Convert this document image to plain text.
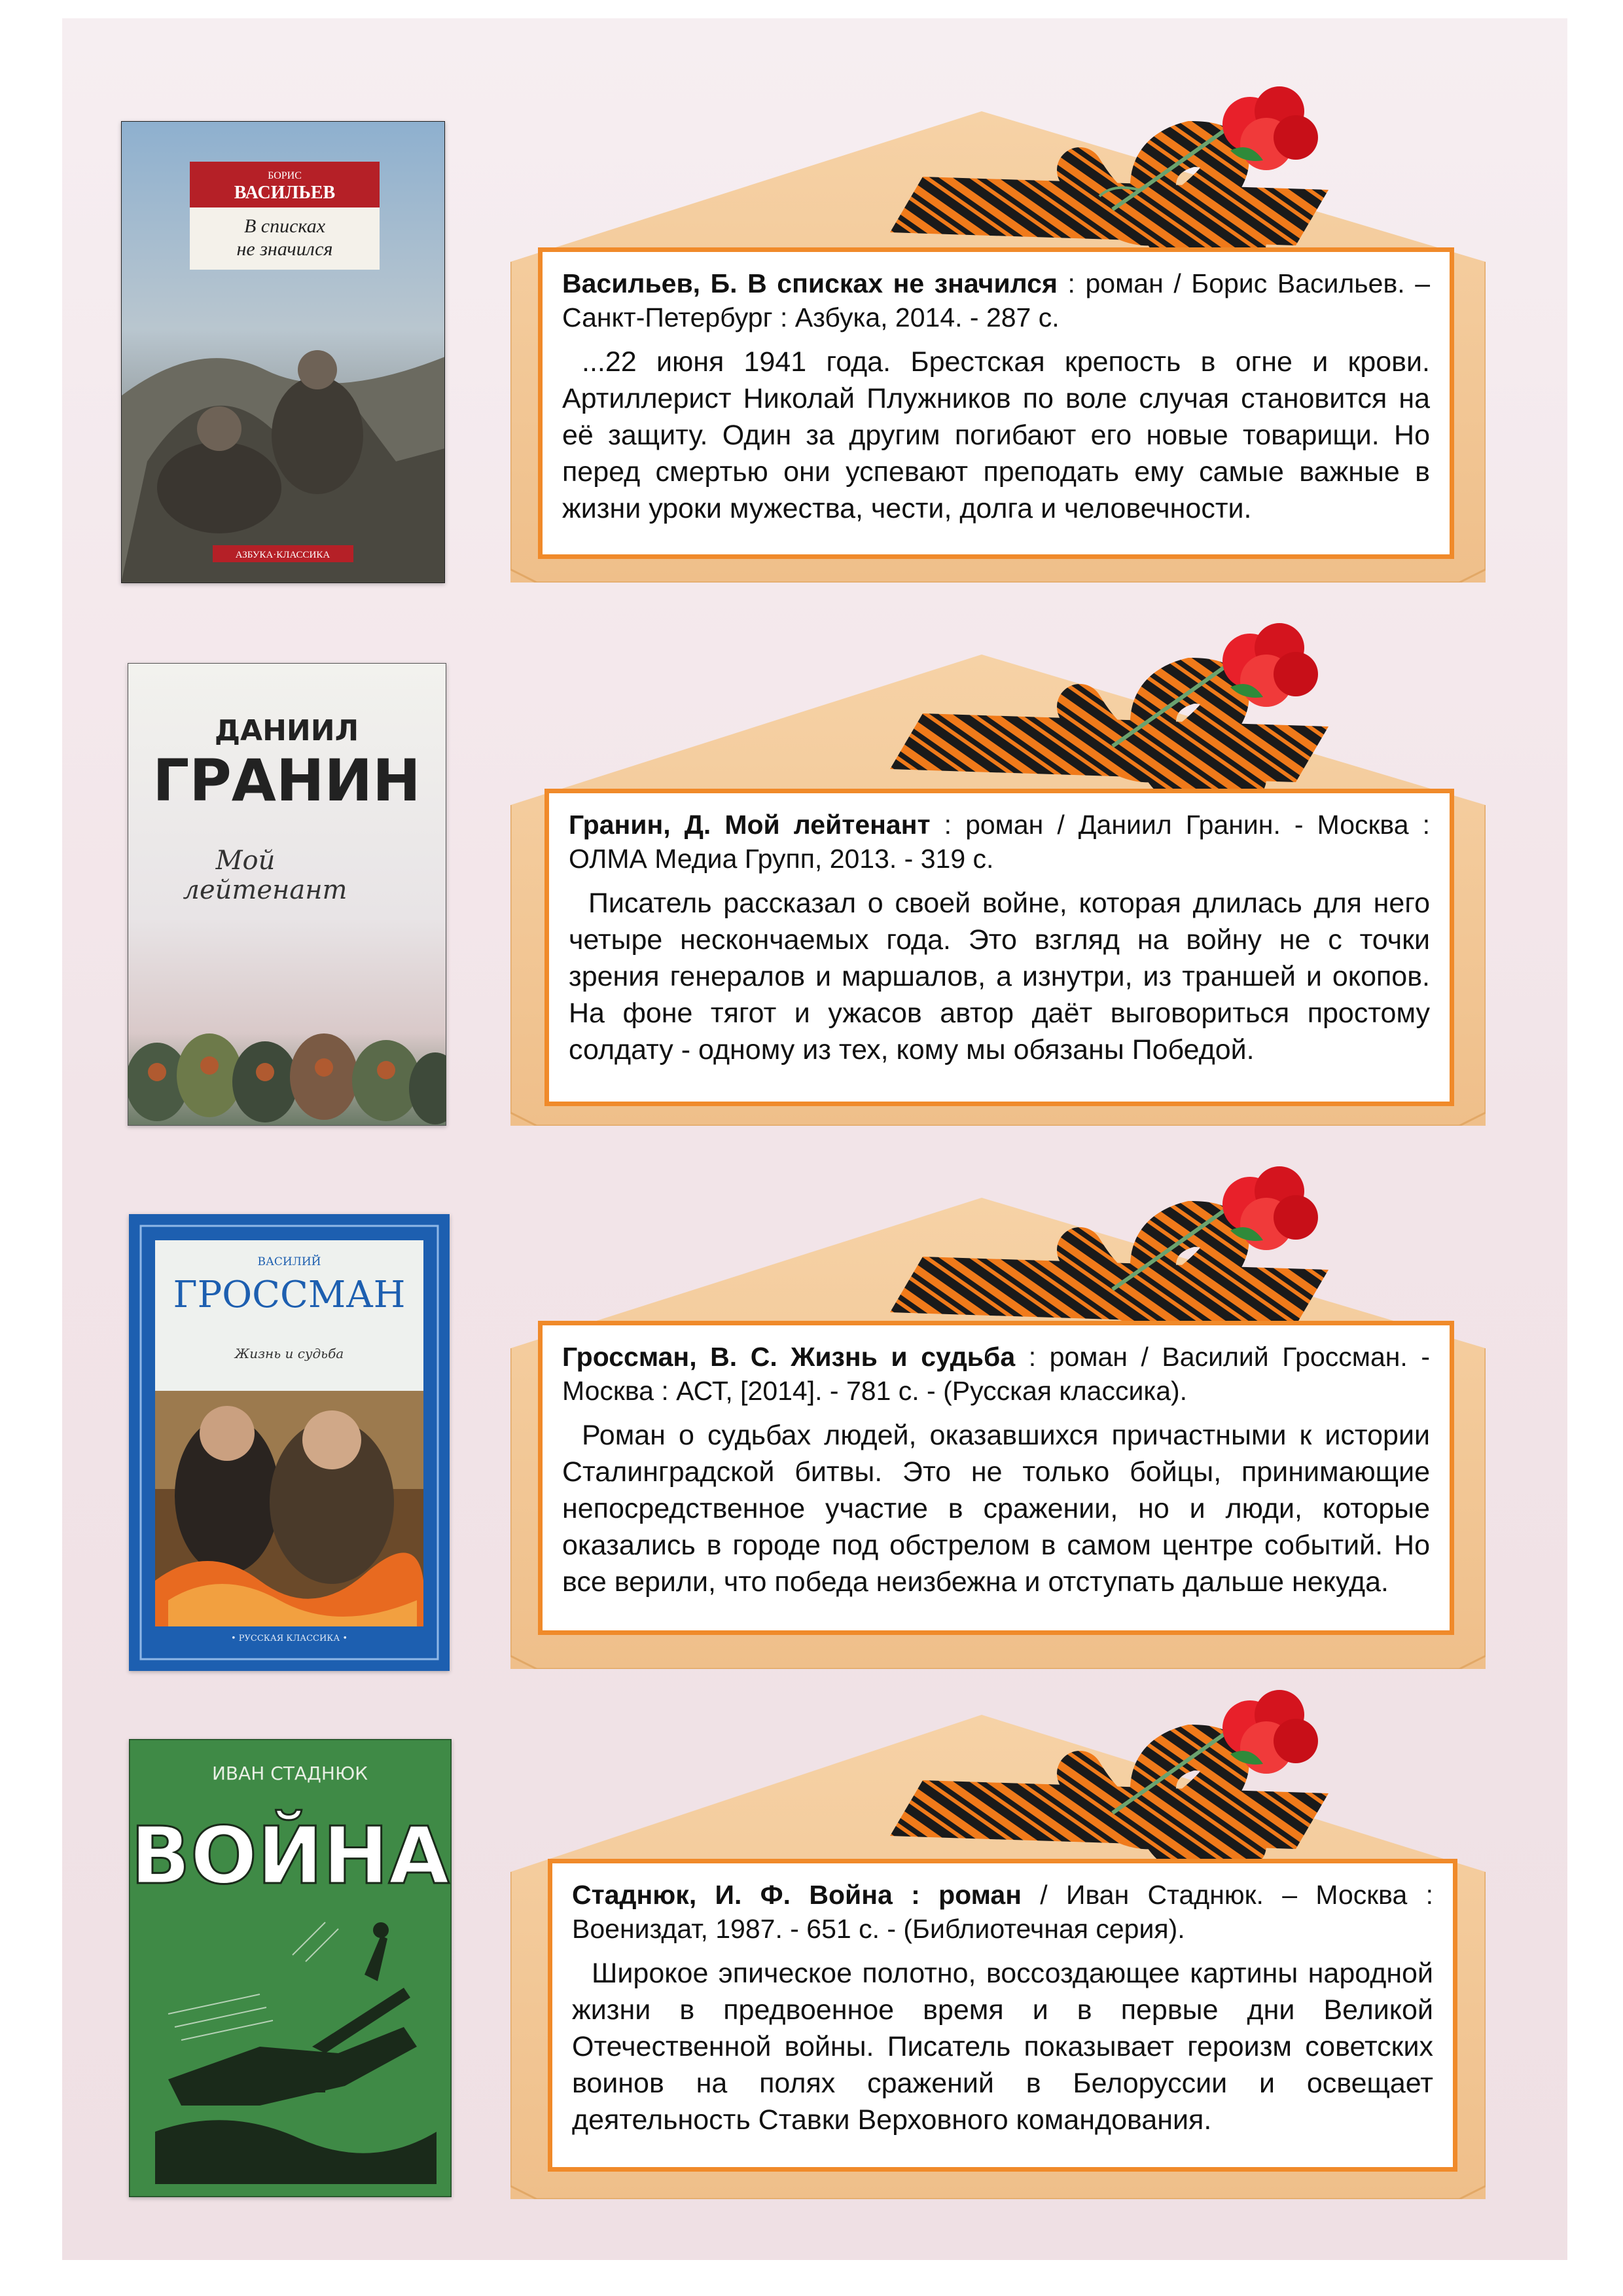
БОРИС
ВАСИЛЬЕВ
В списках
не значился
АЗБУКА·КЛАССИКА

Васильев, Б. В списках не значился : роман / Борис Васильев. – Санкт-Петербург : Азбука, 2014. - 287 с.

...22 июня 1941 года. Брестская крепость в огне и крови. Артиллерист Николай Плужников по воле случая становится на её защиту. Один за другим погибают его новые товарищи. Но перед смертью они успевают преподать ему самые важные в жизни уроки мужества, чести, долга и человечности.

ДАНИИЛ
ГРАНИН
Мой
лейтенант

Гранин, Д. Мой лейтенант : роман / Даниил Гранин. - Москва : ОЛМА Медиа Групп, 2013. - 319 с.

Писатель рассказал о своей войне, которая длилась для него четыре нескончаемых года. Это взгляд на войну не с точки зрения генералов и маршалов, а изнутри, из траншей и окопов. На фоне тягот и ужасов автор даёт выговориться простому солдату - одному из тех, кому мы обязаны Победой.

ВАСИЛИЙ
ГРОССМАН
Жизнь и судьба
• РУССКАЯ КЛАССИКА •

Гроссман, В. С. Жизнь и судьба : роман / Василий Гроссман. - Москва : АСТ, [2014]. - 781 с. - (Русская классика).

Роман о судьбах людей, оказавшихся причастными к истории Сталинградской битвы. Это не только бойцы, принимающие непосредственное участие в сражении, но и люди, которые оказались в городе под обстрелом в самом центре событий. Но все верили, что победа неизбежна и отступать дальше некуда.

ИВАН СТАДНЮК
ВОЙНА	Стаднюк, И. Ф. Война : роман / Иван Стаднюк. – Москва : Воениздат, 1987. - 651 с. - (Библиотечная серия).

Широкое эпическое полотно, воссоздающее картины народной жизни в предвоенное время и в первые дни Великой Отечественной войны. Писатель показывает героизм советских воинов на полях сражений в Белоруссии и освещает деятельность Ставки Верховного командования.
